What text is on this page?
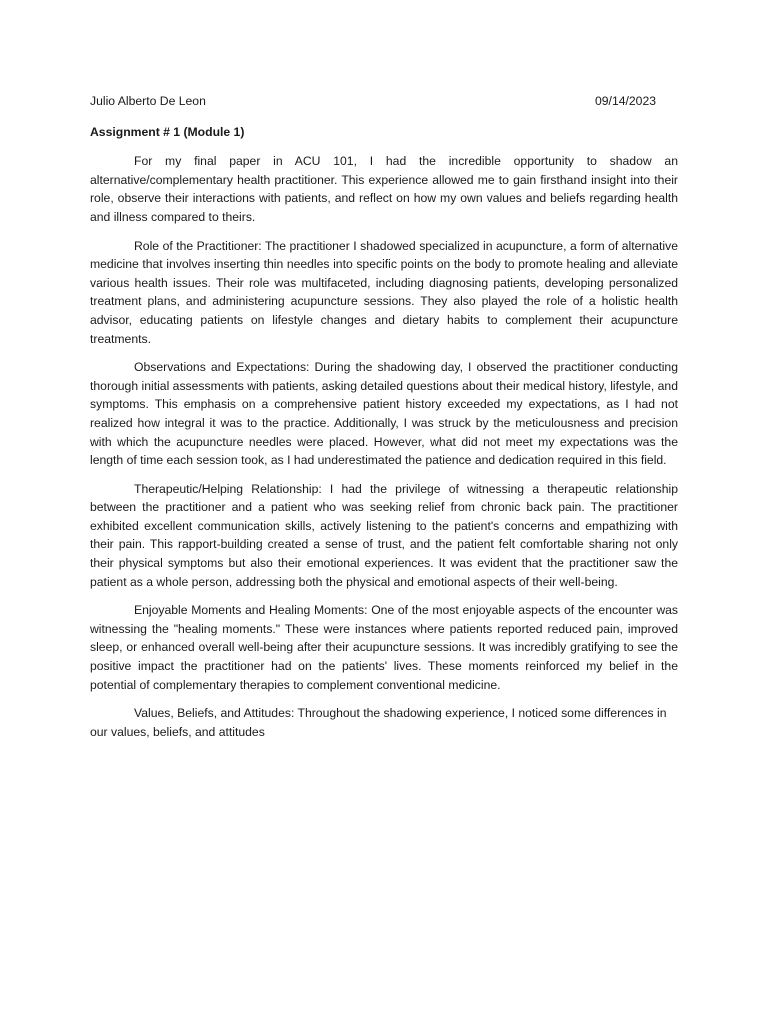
Julio Alberto De Leon	09/14/2023
Assignment # 1 (Module 1)

For my final paper in ACU 101, I had the incredible opportunity to shadow an alternative/complementary health practitioner. This experience allowed me to gain firsthand insight into their role, observe their interactions with patients, and reflect on how my own values and beliefs regarding health and illness compared to theirs.

Role of the Practitioner: The practitioner I shadowed specialized in acupuncture, a form of alternative medicine that involves inserting thin needles into specific points on the body to promote healing and alleviate various health issues. Their role was multifaceted, including diagnosing patients, developing personalized treatment plans, and administering acupuncture sessions. They also played the role of a holistic health advisor, educating patients on lifestyle changes and dietary habits to complement their acupuncture treatments.

Observations and Expectations: During the shadowing day, I observed the practitioner conducting thorough initial assessments with patients, asking detailed questions about their medical history, lifestyle, and symptoms. This emphasis on a comprehensive patient history exceeded my expectations, as I had not realized how integral it was to the practice. Additionally, I was struck by the meticulousness and precision with which the acupuncture needles were placed. However, what did not meet my expectations was the length of time each session took, as I had underestimated the patience and dedication required in this field.

Therapeutic/Helping Relationship: I had the privilege of witnessing a therapeutic relationship between the practitioner and a patient who was seeking relief from chronic back pain. The practitioner exhibited excellent communication skills, actively listening to the patient's concerns and empathizing with their pain. This rapport-building created a sense of trust, and the patient felt comfortable sharing not only their physical symptoms but also their emotional experiences. It was evident that the practitioner saw the patient as a whole person, addressing both the physical and emotional aspects of their well-being.

Enjoyable Moments and Healing Moments: One of the most enjoyable aspects of the encounter was witnessing the "healing moments." These were instances where patients reported reduced pain, improved sleep, or enhanced overall well-being after their acupuncture sessions. It was incredibly gratifying to see the positive impact the practitioner had on the patients' lives. These moments reinforced my belief in the potential of complementary therapies to complement conventional medicine.

Values, Beliefs, and Attitudes: Throughout the shadowing experience, I noticed some differences in our values, beliefs, and attitudes
